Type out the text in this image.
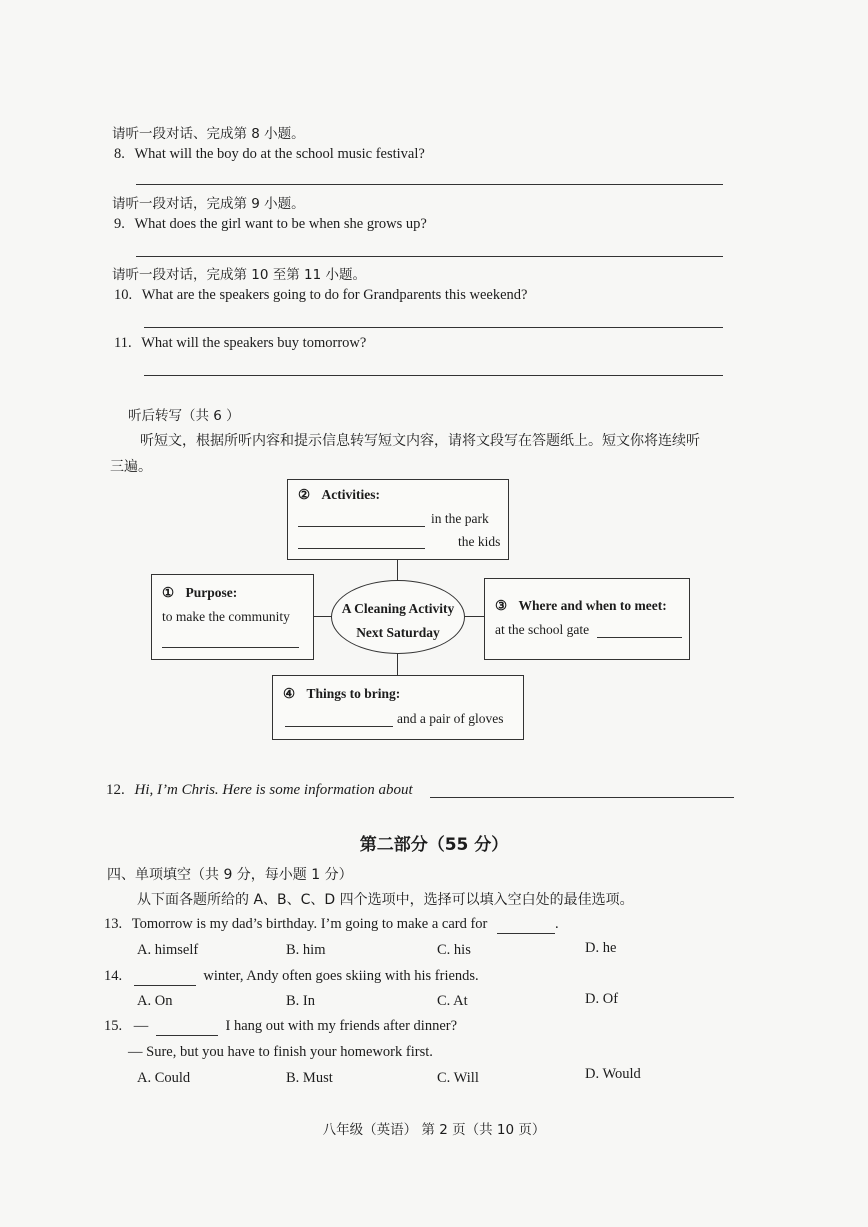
请听一段对话、完成第 8 小题。
8. What will the boy do at the school music festival?
请听一段对话，完成第 9 小题。
9. What does the girl want to be when she grows up?
请听一段对话，完成第 10 至第 11 小题。
10. What are the speakers going to do for Grandparents this weekend?
11. What will the speakers buy tomorrow?
听后转写（共 6 ）
听短文，根据所听内容和提示信息转写短文内容，请将文段写在答题纸上。短文你将连续听
三遍。
② Activities:
in the park
the kids
① Purpose:
to make the community
A Cleaning Activity
Next Saturday
③ Where and when to meet:
at the school gate
④ Things to bring:
and a pair of gloves
12. Hi, I’m Chris. Here is some information about
第二部分（55 分）
四、单项填空（共 9 分，每小题 1 分）
从下面各题所给的 A、B、C、D 四个选项中，选择可以填入空白处的最佳选项。
13. Tomorrow is my dad’s birthday. I’m going to make a card for	.
A. himself	B. him	C. his	D. he
14.	winter, Andy often goes skiing with his friends.
A. On	B. In	C. At	D. Of
15. —	I hang out with my friends after dinner?
— Sure, but you have to finish your homework first.
A. Could	B. Must	C. Will	D. Would
八年级（英语） 第 2 页（共 10 页）
